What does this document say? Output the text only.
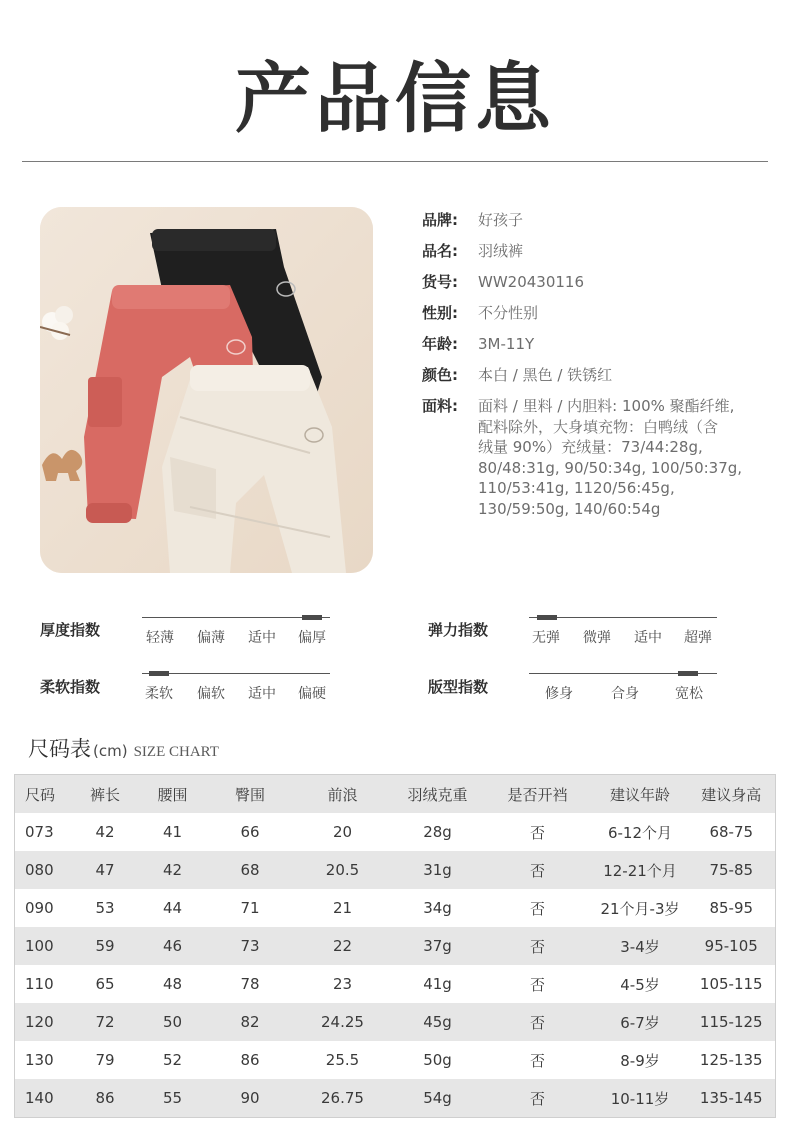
产品信息
品牌:	好孩子
品名:	羽绒裤
货号:	WW20430116
性别:	不分性别
年龄:	3M-11Y
颜色:	本白 / 黑色 / 铁锈红
面料:	面料 / 里料 / 内胆料: 100% 聚酯纤维,
配料除外，大身填充物：白鸭绒（含
绒量 90%）充绒量：73/44:28g,
80/48:31g, 90/50:34g, 100/50:37g,
110/53:41g, 1120/56:45g,
130/59:50g, 140/60:54g
厚度指数	轻薄	偏薄	适中	偏厚	弹力指数	无弹	微弹	适中	超弹
柔软指数	柔软	偏软	适中	偏硬	版型指数	修身	合身	宽松
尺码表 (cm) SIZE CHART
尺码	裤长	腰围	臀围	前浪	羽绒克重	是否开裆	建议年龄	建议身高
073	42	41	66	20	28g	否	6-12个月	68-75
080	47	42	68	20.5	31g	否	12-21个月	75-85
090	53	44	71	21	34g	否	21个月-3岁	85-95
100	59	46	73	22	37g	否	3-4岁	95-105
110	65	48	78	23	41g	否	4-5岁	105-115
120	72	50	82	24.25	45g	否	6-7岁	115-125
130	79	52	86	25.5	50g	否	8-9岁	125-135
140	86	55	90	26.75	54g	否	10-11岁	135-145
